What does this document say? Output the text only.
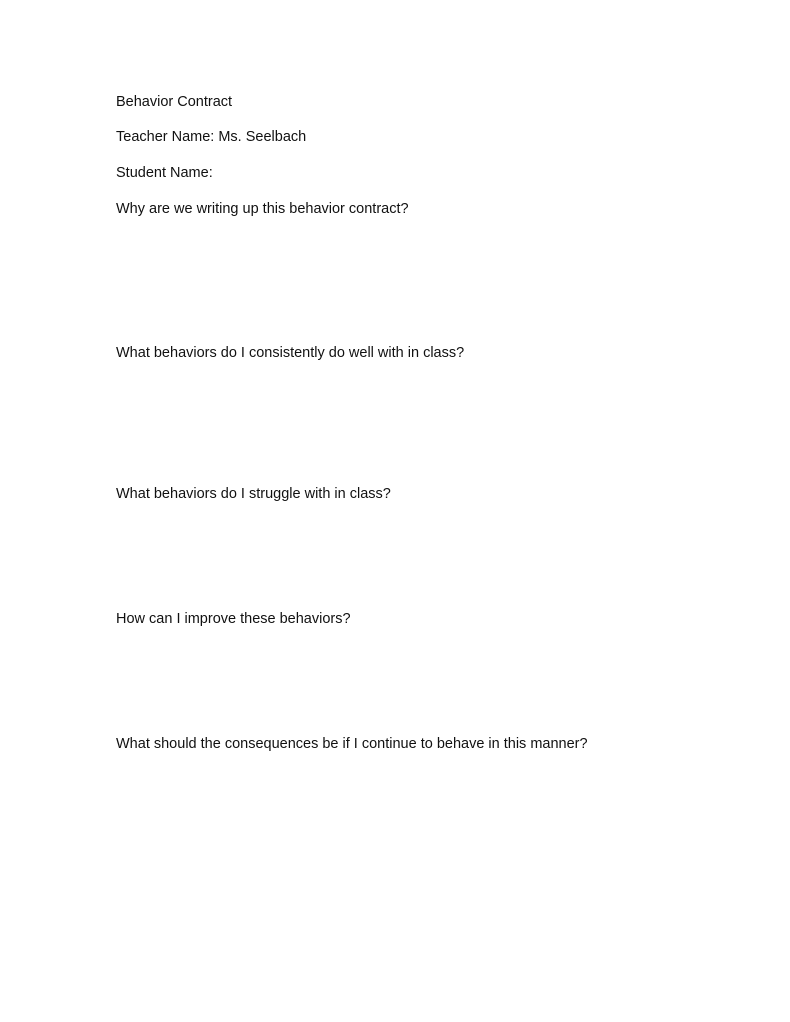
Behavior Contract
Teacher Name: Ms. Seelbach
Student Name:
Why are we writing up this behavior contract?
What behaviors do I consistently do well with in class?
What behaviors do I struggle with in class?
How can I improve these behaviors?
What should the consequences be if I continue to behave in this manner?
